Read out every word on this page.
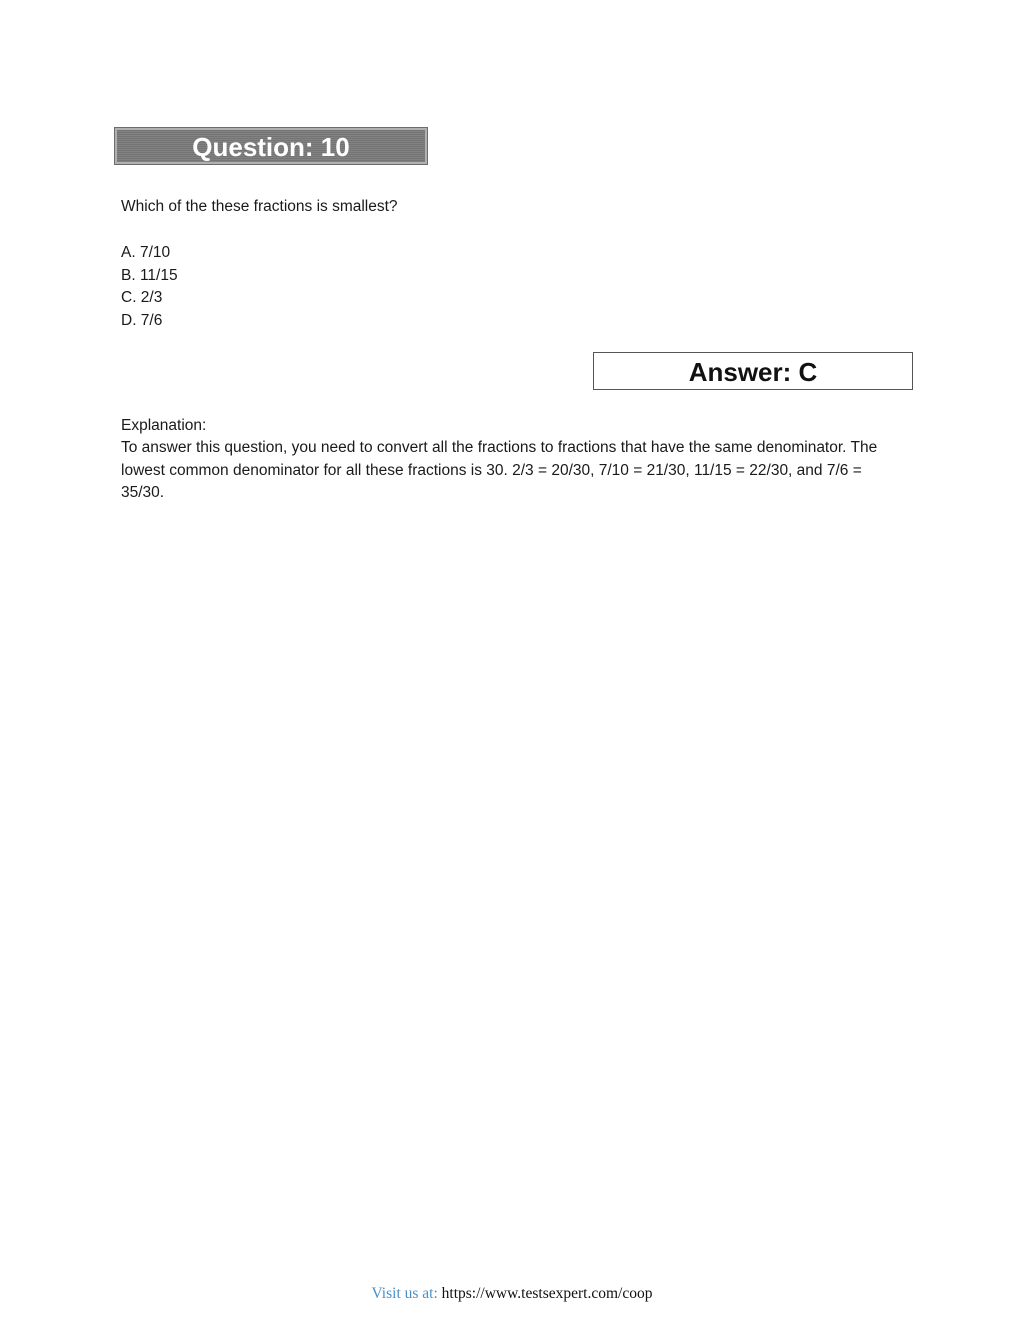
Question: 10
Which of the these fractions is smallest?
A. 7/10
B. 11/15
C. 2/3
D. 7/6
Answer: C
Explanation:
To answer this question, you need to convert all the fractions to fractions that have the same denominator. The lowest common denominator for all these fractions is 30. 2/3 = 20/30, 7/10 = 21/30, 11/15 = 22/30, and 7/6 = 35/30.
Visit us at: https://www.testsexpert.com/coop
